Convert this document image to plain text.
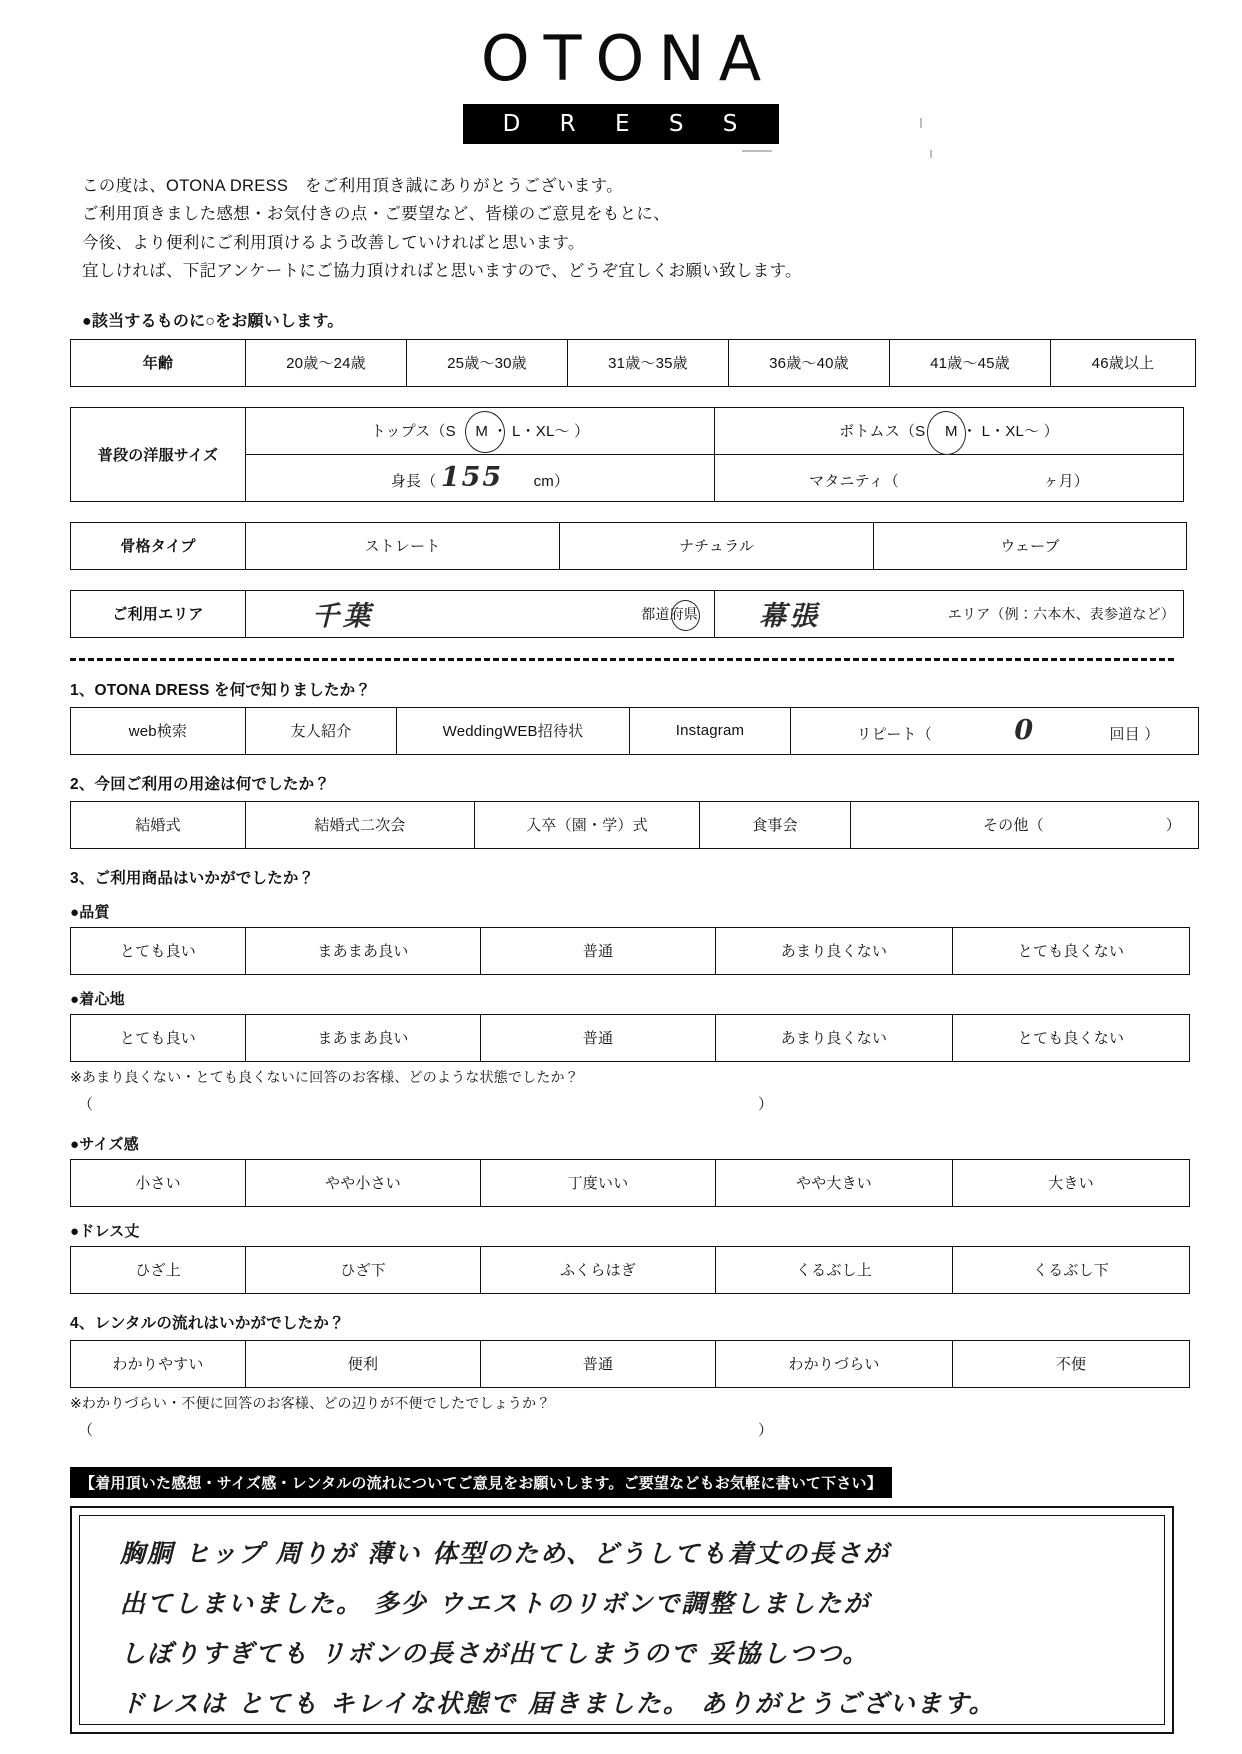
OTONA
D R E S S
この度は、OTONA DRESS　をご利用頂き誠にありがとうございます。
ご利用頂きました感想・お気付きの点・ご要望など、皆様のご意見をもとに、
今後、より便利にご利用頂けるよう改善していければと思います。
宜しければ、下記アンケートにご協力頂ければと思いますので、どうぞ宜しくお願い致します。
●該当するものに○をお願いします。
年齢	20歳～24歳	25歳～30歳	31歳～35歳	36歳～40歳	41歳～45歳	46歳以上
普段の洋服サイズ	トップス（S　 M ・ L・XL～ ）	ボトムス（S　 M ・ L・XL～ ）

	身長（ 155 cm）	マタニティ（ ヶ月）
骨格タイプ	ストレート	ナチュラル	ウェーブ
ご利用エリア	千葉	都道府県	幕張	エリア（例：六本木、表参道など）
1、OTONA DRESS を何で知りましたか？
web検索	友人紹介	WeddingWEB招待状	Instagram	リピート（	0	回目 ）
2、今回ご利用の用途は何でしたか？
結婚式	結婚式二次会	入卒（園・学）式	食事会	その他（	）
3、ご利用商品はいかがでしたか？
●品質
とても良い	まあまあ良い	普通	あまり良くない	とても良くない
●着心地
とても良い	まあまあ良い	普通	あまり良くない	とても良くない
※あまり良くない・とても良くないに回答のお客様、どのような状態でしたか？
（	）
●サイズ感
小さい	やや小さい	丁度いい	やや大きい	大きい
●ドレス丈
ひざ上	ひざ下	ふくらはぎ	くるぶし上	くるぶし下
4、レンタルの流れはいかがでしたか？
わかりやすい	便利	普通	わかりづらい	不便
※わかりづらい・不便に回答のお客様、どの辺りが不便でしたでしょうか？
（	）
【着用頂いた感想・サイズ感・レンタルの流れについてご意見をお願いします。ご要望などもお気軽に書いて下さい】
胸胴 ヒップ 周りが 薄い 体型のため、どうしても着丈の長さが
出てしまいました。 多少 ウエストのリボンで調整しましたが
しぼりすぎても リボンの長さが出てしまうので 妥協しつつ。
ドレスは とても キレイな状態で 届きました。 ありがとうございます。
